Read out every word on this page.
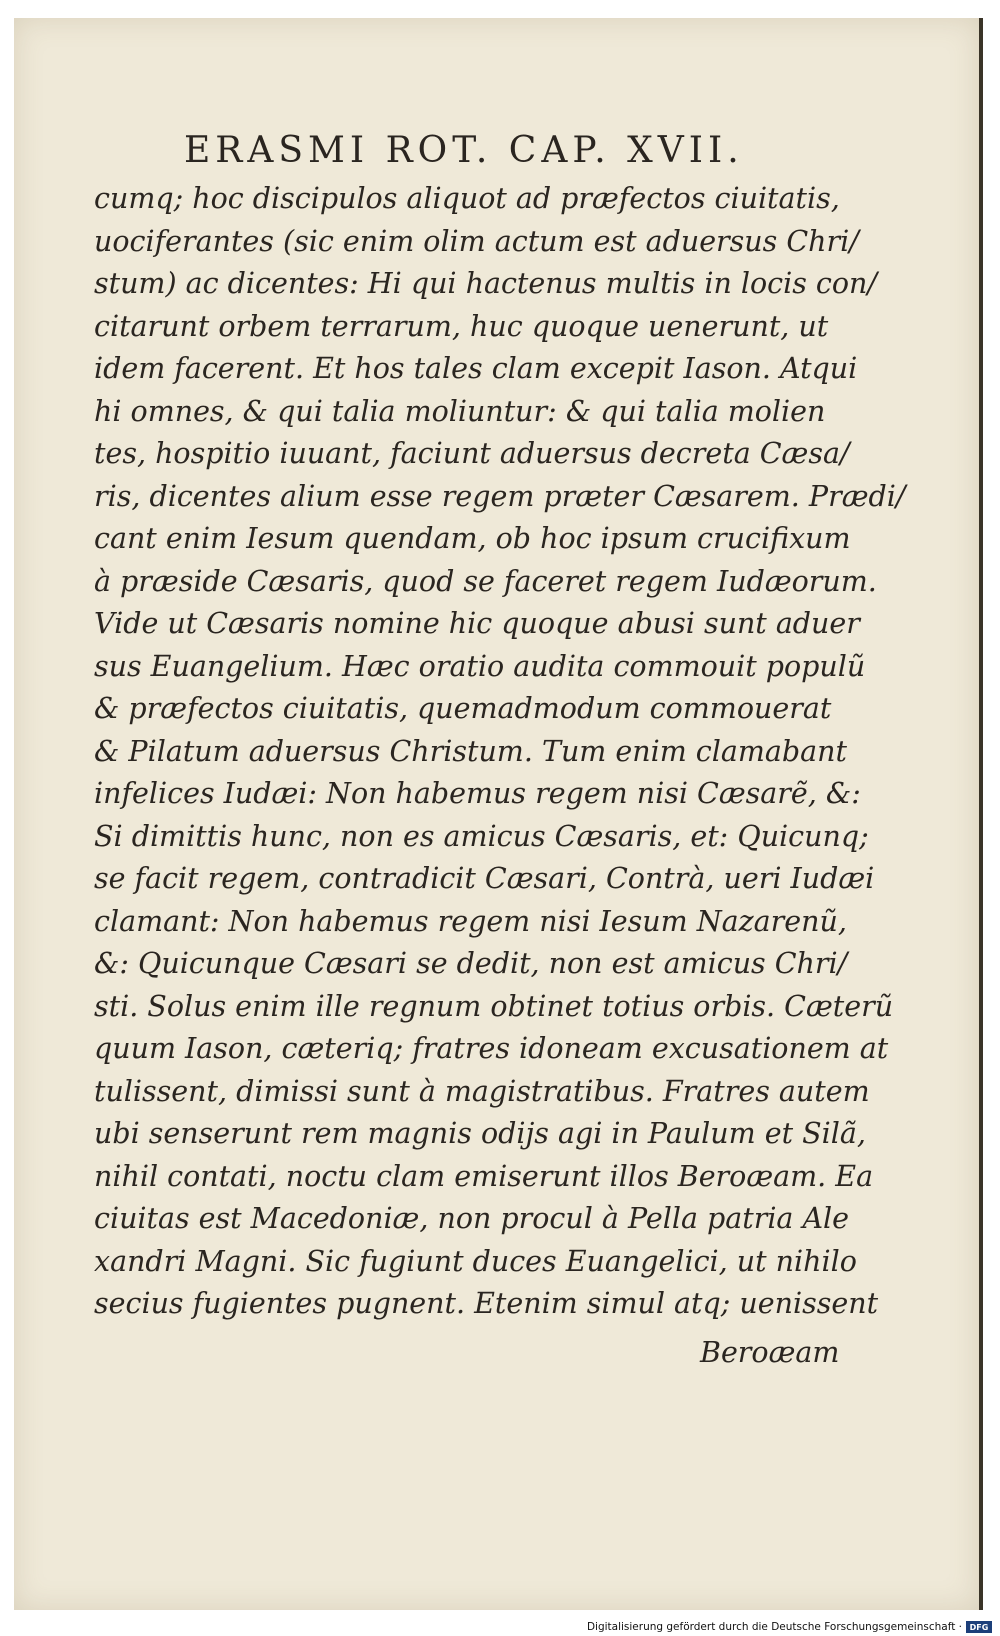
ERASMI ROT. CAP. XVII.
cumq; hoc discipulos aliquot ad præfectos ciuitatis,
uociferantes (sic enim olim actum est aduersus Chri/
stum) ac dicentes: Hi qui hactenus multis in locis con/
citarunt orbem terrarum, huc quoque uenerunt, ut
idem facerent. Et hos tales clam excepit Iason. Atqui
hi omnes, & qui talia moliuntur: & qui talia molien
tes, hospitio iuuant, faciunt aduersus decreta Cæsa/
ris, dicentes alium esse regem præter Cæsarem. Prædi/
cant enim Iesum quendam, ob hoc ipsum crucifixum
à præside Cæsaris, quod se faceret regem Iudæorum.
Vide ut Cæsaris nomine hic quoque abusi sunt aduer
sus Euangelium. Hæc oratio audita commouit populũ
& præfectos ciuitatis, quemadmodum commouerat
& Pilatum aduersus Christum. Tum enim clamabant
infelices Iudæi: Non habemus regem nisi Cæsarẽ, &:
Si dimittis hunc, non es amicus Cæsaris, et: Quicunq;
se facit regem, contradicit Cæsari, Contrà, ueri Iudæi
clamant: Non habemus regem nisi Iesum Nazarenũ,
&: Quicunque Cæsari se dedit, non est amicus Chri/
sti. Solus enim ille regnum obtinet totius orbis. Cæterũ
quum Iason, cæteriq; fratres idoneam excusationem at
tulissent, dimissi sunt à magistratibus. Fratres autem
ubi senserunt rem magnis odijs agi in Paulum et Silã,
nihil contati, noctu clam emiserunt illos Beroæam. Ea
ciuitas est Macedoniæ, non procul à Pella patria Ale
xandri Magni. Sic fugiunt duces Euangelici, ut nihilo
secius fugientes pugnent. Etenim simul atq; uenissent
Beroæam
Digitalisierung gefördert durch die Deutsche Forschungsgemeinschaft · DFG
